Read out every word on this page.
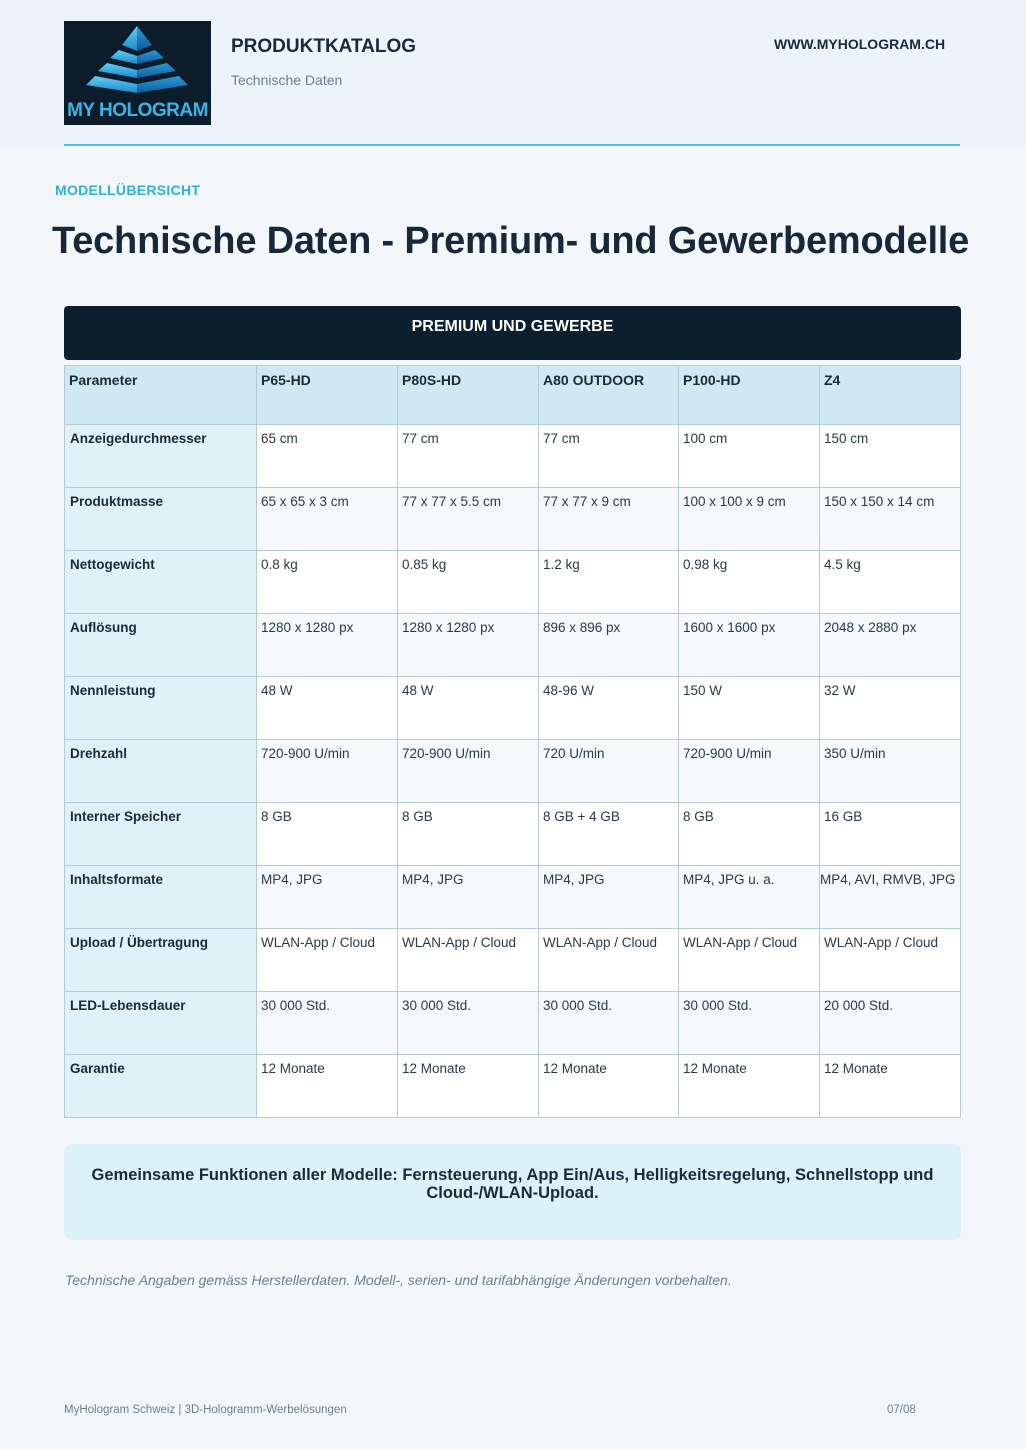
MY HOLOGRAM
PRODUKTKATALOG
Technische Daten
WWW.MYHOLOGRAM.CH
MODELLÜBERSICHT
Technische Daten - Premium- und Gewerbemodelle
PREMIUM UND GEWERBE
Parameter	P65-HD	P80S-HD	A80 OUTDOOR	P100-HD	Z4
Anzeigedurchmesser	65 cm	77 cm	77 cm	100 cm	150 cm
Produktmasse	65 x 65 x 3 cm	77 x 77 x 5.5 cm	77 x 77 x 9 cm	100 x 100 x 9 cm	150 x 150 x 14 cm
Nettogewicht	0.8 kg	0.85 kg	1.2 kg	0.98 kg	4.5 kg
Auflösung	1280 x 1280 px	1280 x 1280 px	896 x 896 px	1600 x 1600 px	2048 x 2880 px
Nennleistung	48 W	48 W	48-96 W	150 W	32 W
Drehzahl	720-900 U/min	720-900 U/min	720 U/min	720-900 U/min	350 U/min
Interner Speicher	8 GB	8 GB	8 GB + 4 GB	8 GB	16 GB
Inhaltsformate	MP4, JPG	MP4, JPG	MP4, JPG	MP4, JPG u. a.	MP4, AVI, RMVB, JPG
Upload / Übertragung	WLAN-App / Cloud	WLAN-App / Cloud	WLAN-App / Cloud	WLAN-App / Cloud	WLAN-App / Cloud
LED-Lebensdauer	30 000 Std.	30 000 Std.	30 000 Std.	30 000 Std.	20 000 Std.
Garantie	12 Monate	12 Monate	12 Monate	12 Monate	12 Monate
Gemeinsame Funktionen aller Modelle: Fernsteuerung, App Ein/Aus, Helligkeitsregelung, Schnellstopp und Cloud-/WLAN-Upload.
Technische Angaben gemäss Herstellerdaten. Modell-, serien- und tarifabhängige Änderungen vorbehalten.
MyHologram Schweiz | 3D-Hologramm-Werbelösungen	07/08
